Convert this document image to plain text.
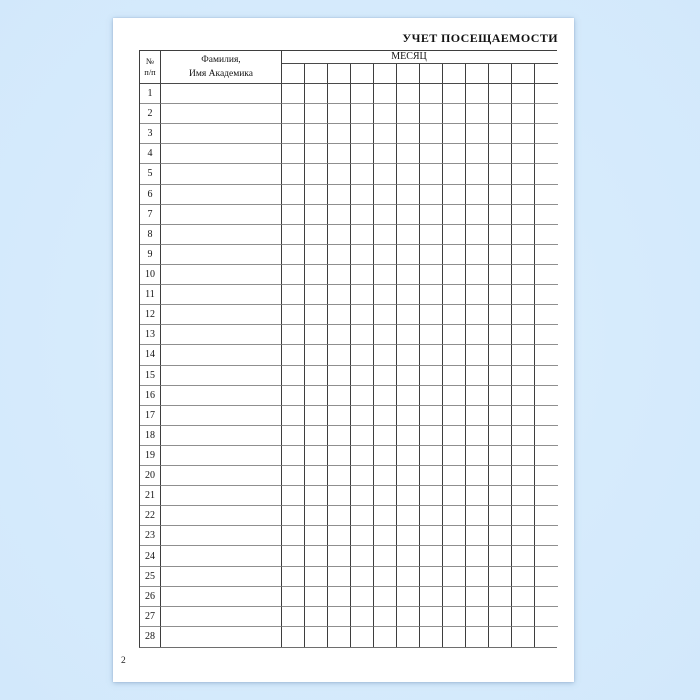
УЧЕТ ПОСЕЩАЕМОСТИ
№
п/п
Фамилия,
Имя Академика
МЕСЯЦ
1
2
3
4
5
6
7
8
9
10
11
12
13
14
15
16
17
18
19
20
21
22
23
24
25
26
27
28
2
